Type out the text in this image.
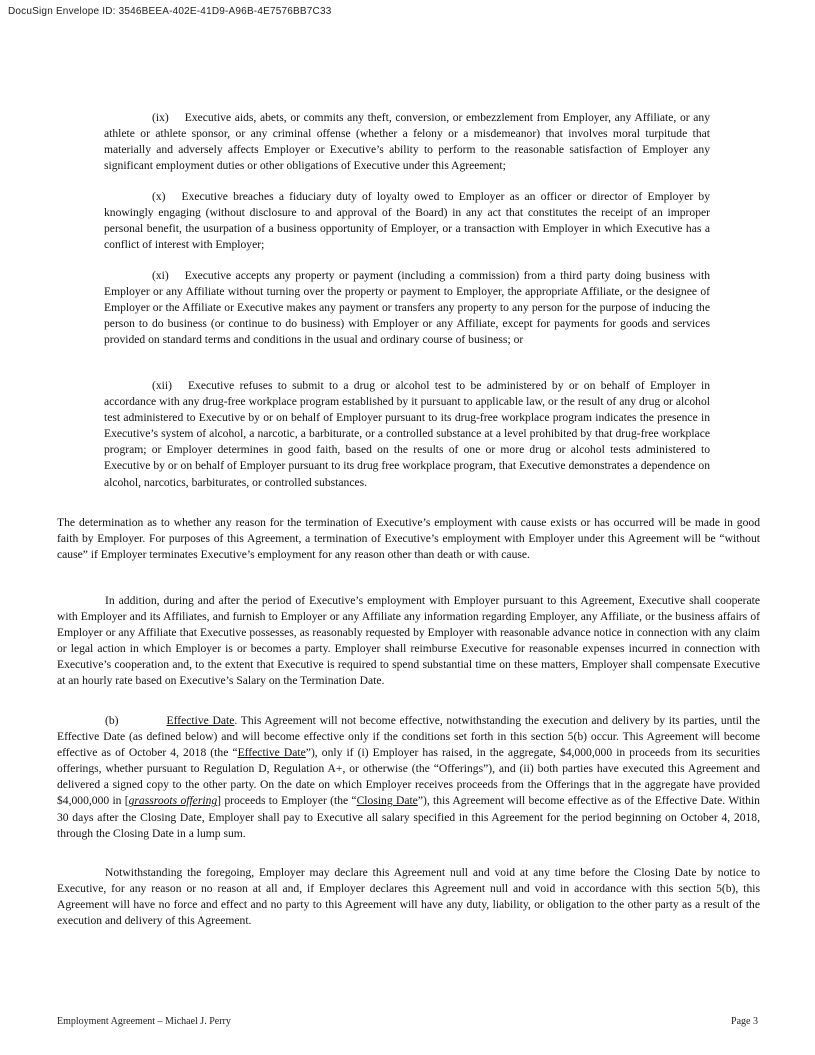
DocuSign Envelope ID: 3546BEEA-402E-41D9-A96B-4E7576BB7C33

(ix) Executive aids, abets, or commits any theft, conversion, or embezzlement from Employer, any Affiliate, or any athlete or athlete sponsor, or any criminal offense (whether a felony or a misdemeanor) that involves moral turpitude that materially and adversely affects Employer or Executive’s ability to perform to the reasonable satisfaction of Employer any significant employment duties or other obligations of Executive under this Agreement;

(x) Executive breaches a fiduciary duty of loyalty owed to Employer as an officer or director of Employer by knowingly engaging (without disclosure to and approval of the Board) in any act that constitutes the receipt of an improper personal benefit, the usurpation of a business opportunity of Employer, or a transaction with Employer in which Executive has a conflict of interest with Employer;

(xi) Executive accepts any property or payment (including a commission) from a third party doing business with Employer or any Affiliate without turning over the property or payment to Employer, the appropriate Affiliate, or the designee of Employer or the Affiliate or Executive makes any payment or transfers any property to any person for the purpose of inducing the person to do business (or continue to do business) with Employer or any Affiliate, except for payments for goods and services provided on standard terms and conditions in the usual and ordinary course of business; or

(xii) Executive refuses to submit to a drug or alcohol test to be administered by or on behalf of Employer in accordance with any drug-free workplace program established by it pursuant to applicable law, or the result of any drug or alcohol test administered to Executive by or on behalf of Employer pursuant to its drug-free workplace program indicates the presence in Executive’s system of alcohol, a narcotic, a barbiturate, or a controlled substance at a level prohibited by that drug-free workplace program; or Employer determines in good faith, based on the results of one or more drug or alcohol tests administered to Executive by or on behalf of Employer pursuant to its drug free workplace program, that Executive demonstrates a dependence on alcohol, narcotics, barbiturates, or controlled substances.

The determination as to whether any reason for the termination of Executive’s employment with cause exists or has occurred will be made in good faith by Employer. For purposes of this Agreement, a termination of Executive’s employment with Employer under this Agreement will be “without cause” if Employer terminates Executive’s employment for any reason other than death or with cause.

In addition, during and after the period of Executive’s employment with Employer pursuant to this Agreement, Executive shall cooperate with Employer and its Affiliates, and furnish to Employer or any Affiliate any information regarding Employer, any Affiliate, or the business affairs of Employer or any Affiliate that Executive possesses, as reasonably requested by Employer with reasonable advance notice in connection with any claim or legal action in which Employer is or becomes a party. Employer shall reimburse Executive for reasonable expenses incurred in connection with Executive’s cooperation and, to the extent that Executive is required to spend substantial time on these matters, Employer shall compensate Executive at an hourly rate based on Executive’s Salary on the Termination Date.

(b)	Effective Date. This Agreement will not become effective, notwithstanding the execution and delivery by its parties, until the Effective Date (as defined below) and will become effective only if the conditions set forth in this section 5(b) occur. This Agreement will become effective as of October 4, 2018 (the “Effective Date”), only if (i) Employer has raised, in the aggregate, $4,000,000 in proceeds from its securities offerings, whether pursuant to Regulation D, Regulation A+, or otherwise (the “Offerings”), and (ii) both parties have executed this Agreement and delivered a signed copy to the other party. On the date on which Employer receives proceeds from the Offerings that in the aggregate have provided $4,000,000 in [grassroots offering] proceeds to Employer (the “Closing Date”), this Agreement will become effective as of the Effective Date. Within 30 days after the Closing Date, Employer shall pay to Executive all salary specified in this Agreement for the period beginning on October 4, 2018, through the Closing Date in a lump sum.

Notwithstanding the foregoing, Employer may declare this Agreement null and void at any time before the Closing Date by notice to Executive, for any reason or no reason at all and, if Employer declares this Agreement null and void in accordance with this section 5(b), this Agreement will have no force and effect and no party to this Agreement will have any duty, liability, or obligation to the other party as a result of the execution and delivery of this Agreement.

Employment Agreement – Michael J. Perry	Page 3
